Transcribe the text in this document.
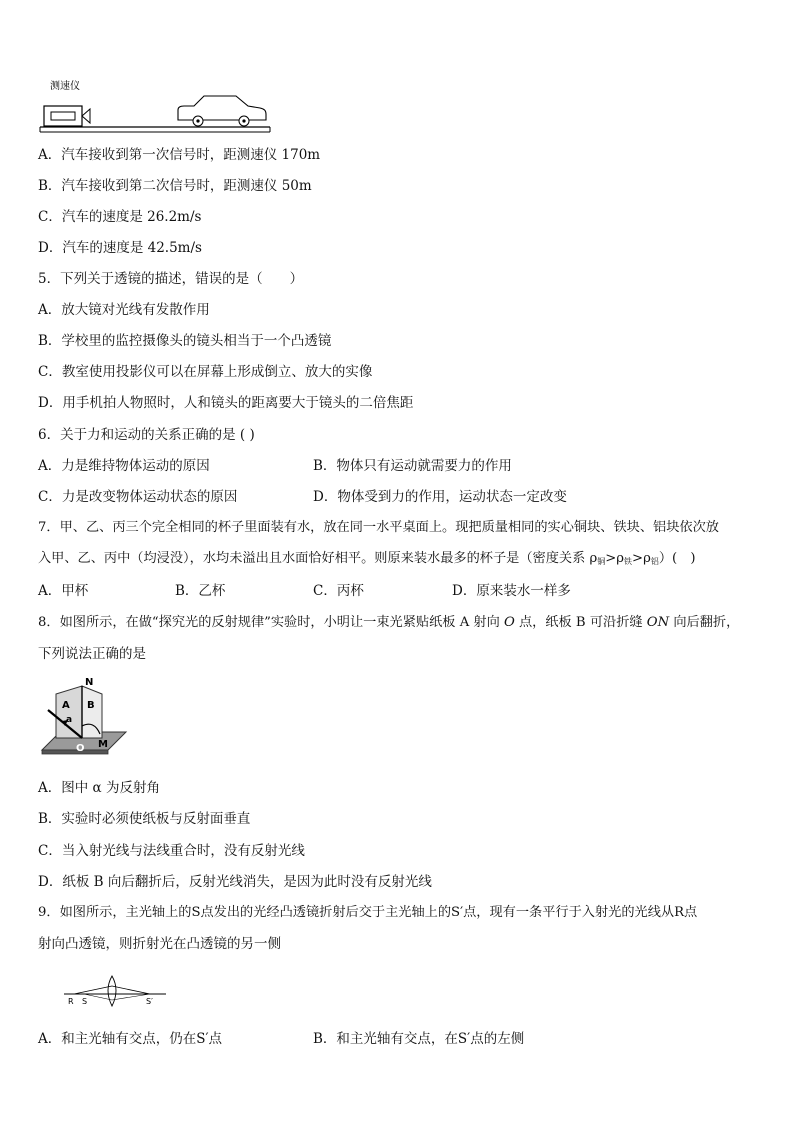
测速仪
A．汽车接收到第一次信号时，距测速仪 170m
B．汽车接收到第二次信号时，距测速仪 50m
C．汽车的速度是 26.2m/s
D．汽车的速度是 42.5m/s
5．下列关于透镜的描述，错误的是（　　）
A．放大镜对光线有发散作用
B．学校里的监控摄像头的镜头相当于一个凸透镜
C．教室使用投影仪可以在屏幕上形成倒立、放大的实像
D．用手机拍人物照时，人和镜头的距离要大于镜头的二倍焦距
6．关于力和运动的关系正确的是 ( )
A．力是维持物体运动的原因	B．物体只有运动就需要力的作用
C．力是改变物体运动状态的原因	D．物体受到力的作用，运动状态一定改变
7．甲、乙、丙三个完全相同的杯子里面装有水，放在同一水平桌面上。现把质量相同的实心铜块、铁块、铝块依次放
入甲、乙、丙中（均浸没），水均未溢出且水面恰好相平。则原来装水最多的杯子是（密度关系 $\rho_铜>\rho_铁>\rho_铝$）(　)
A．甲杯	B．乙杯	C．丙杯	D．原来装水一样多
8．如图所示，在做“探究光的反射规律”实验时，小明让一束光紧贴纸板 A 射向 O 点，纸板 B 可沿折缝 ON 向后翻折，
下列说法正确的是
N
A B
a
O M
A．图中 α 为反射角
B．实验时必须使纸板与反射面垂直
C．当入射光线与法线重合时，没有反射光线
D．纸板 B 向后翻折后，反射光线消失，是因为此时没有反射光线
9．如图所示，主光轴上的S点发出的光经凸透镜折射后交于主光轴上的S′点，现有一条平行于入射光的光线从R点
射向凸透镜，则折射光在凸透镜的另一侧
R S	S′
A．和主光轴有交点，仍在S′点	B．和主光轴有交点，在S′点的左侧
